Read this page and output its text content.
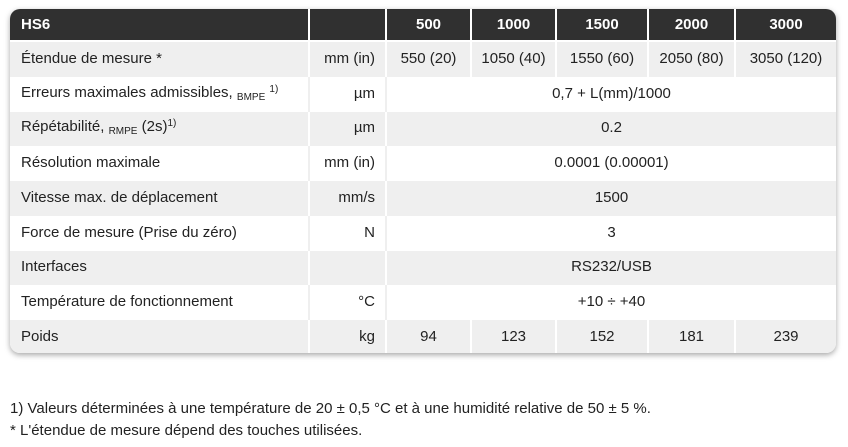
HS6		500	1000	1500	2000	3000
Étendue de mesure *	mm (in)	550 (20)	1050 (40)	1550 (60)	2050 (80)	3050 (120)
Erreurs maximales admissibles, $_{BMPE}$ $^{1)}$	µm	0,7 + L(mm)/1000				
Répétabilité, $_{RMPE}$ $(2s)^{1)}$	µm	0.2				
Résolution maximale	mm (in)	0.0001 (0.00001)				
Vitesse max. de déplacement	mm/s	1500				
Force de mesure (Prise du zéro)	N	3				
Interfaces		RS232/USB				
Température de fonctionnement	°C	+10 ÷ +40				
Poids	kg	94	123	152	181	239
1) Valeurs déterminées à une température de 20 ± 0,5 °C et à une humidité relative de 50 ± 5 %.
* L'étendue de mesure dépend des touches utilisées.
